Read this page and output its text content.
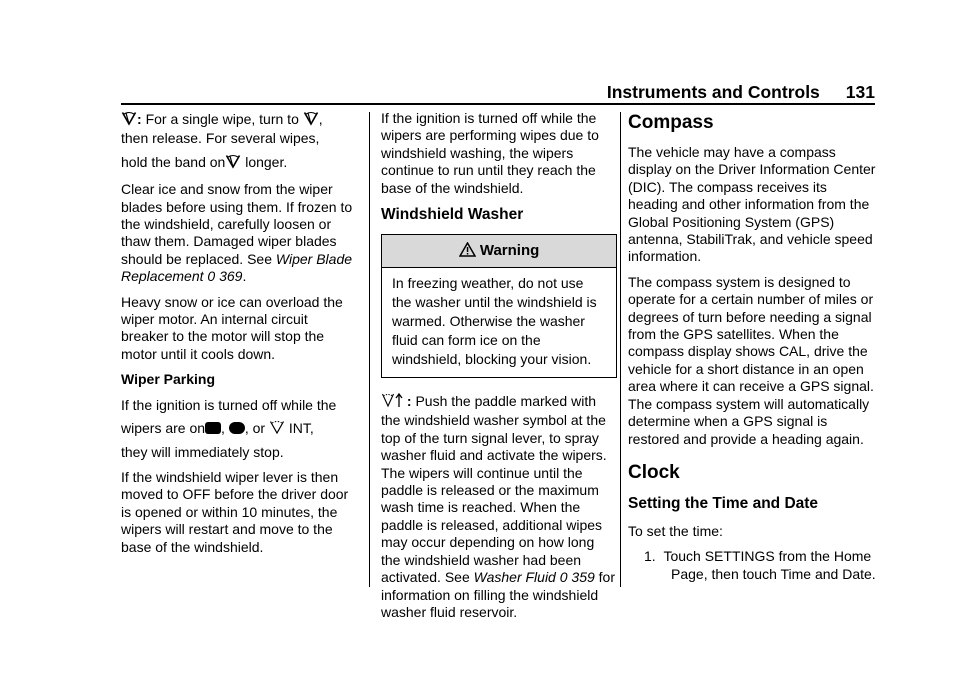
Instruments and Controls 131

: For a single wipe, turn to ,
then release. For several wipes,
hold the band on longer.

Clear ice and snow from the wiper blades before using them. If frozen to the windshield, carefully loosen or thaw them. Damaged wiper blades should be replaced. See Wiper Blade Replacement 0 369.

Heavy snow or ice can overload the wiper motor. An internal circuit breaker to the motor will stop the motor until it cools down.

Wiper Parking

If the ignition is turned off while the
wipers are on, , or  INT,
they will immediately stop.

If the windshield wiper lever is then moved to OFF before the driver door is opened or within 10 minutes, the wipers will restart and move to the base of the windshield.

If the ignition is turned off while the wipers are performing wipes due to windshield washing, the wipers continue to run until they reach the base of the windshield.

Windshield Washer
Warning
In freezing weather, do not use the washer until the windshield is warmed. Otherwise the washer fluid can form ice on the windshield, blocking your vision.

: Push the paddle marked with the windshield washer symbol at the top of the turn signal lever, to spray washer fluid and activate the wipers. The wipers will continue until the paddle is released or the maximum wash time is reached. When the paddle is released, additional wipes may occur depending on how long the windshield washer had been activated. See Washer Fluid 0 359 for information on filling the windshield washer fluid reservoir.

Compass

The vehicle may have a compass display on the Driver Information Center (DIC). The compass receives its heading and other information from the Global Positioning System (GPS) antenna, StabiliTrak, and vehicle speed information.

The compass system is designed to operate for a certain number of miles or degrees of turn before needing a signal from the GPS satellites. When the compass display shows CAL, drive the vehicle for a short distance in an open area where it can receive a GPS signal. The compass system will automatically determine when a GPS signal is restored and provide a heading again.

Clock
Setting the Time and Date

To set the time:

1. Touch SETTINGS from the Home Page, then touch Time and Date.
